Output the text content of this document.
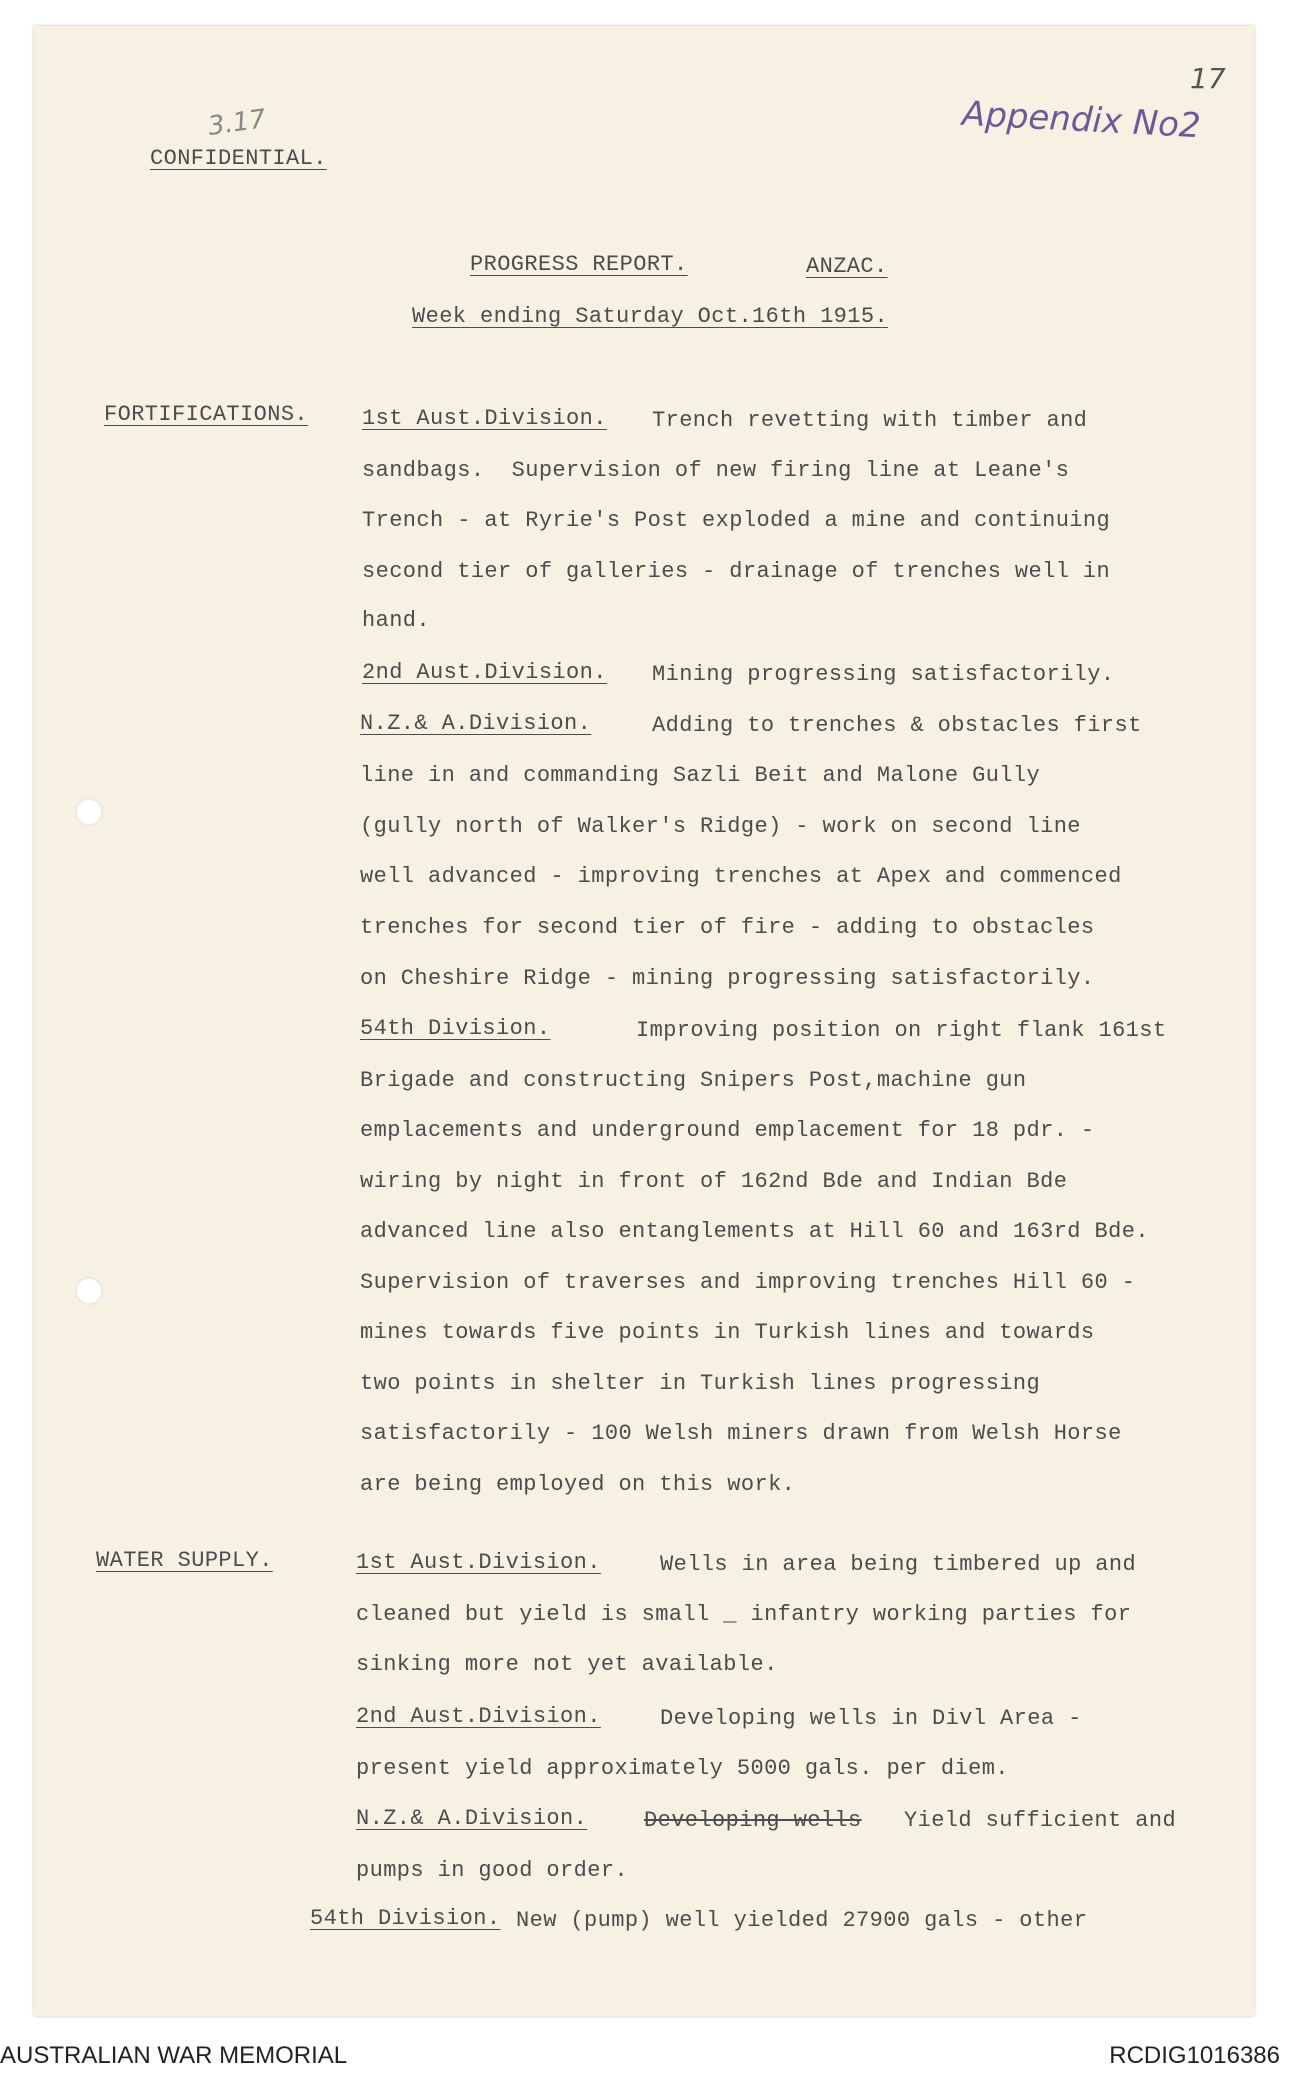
17
Appendix No2
3.17
CONFIDENTIAL.
PROGRESS REPORT.	ANZAC.
Week ending Saturday Oct.16th 1915.
FORTIFICATIONS. 1st Aust.Division. Trench revetting with timber and
sandbags.  Supervision of new firing line at Leane's
Trench - at Ryrie's Post exploded a mine and continuing
second tier of galleries - drainage of trenches well in
hand.
2nd Aust.Division. Mining progressing satisfactorily.
N.Z.& A.Division.	Adding to trenches & obstacles first
line in and commanding Sazli Beit and Malone Gully
(gully north of Walker's Ridge) - work on second line
well advanced - improving trenches at Apex and commenced
trenches for second tier of fire - adding to obstacles
on Cheshire Ridge - mining progressing satisfactorily.
54th Division.	Improving position on right flank 161st
Brigade and constructing Snipers Post,machine gun
emplacements and underground emplacement for 18 pdr. -
wiring by night in front of 162nd Bde and Indian Bde
advanced line also entanglements at Hill 60 and 163rd Bde.
Supervision of traverses and improving trenches Hill 60 -
mines towards five points in Turkish lines and towards
two points in shelter in Turkish lines progressing
satisfactorily - 100 Welsh miners drawn from Welsh Horse
are being employed on this work.
WATER SUPPLY.	1st Aust.Division.	Wells in area being timbered up and
cleaned but yield is small _ infantry working parties for
sinking more not yet available.
2nd Aust.Division.	Developing wells in Divl Area -
present yield approximately 5000 gals. per diem.
N.Z.& A.Division.	Developing wells Yield sufficient and
pumps in good order.
54th Division. New (pump) well yielded 27900 gals - other
AUSTRALIAN WAR MEMORIAL	RCDIG1016386
